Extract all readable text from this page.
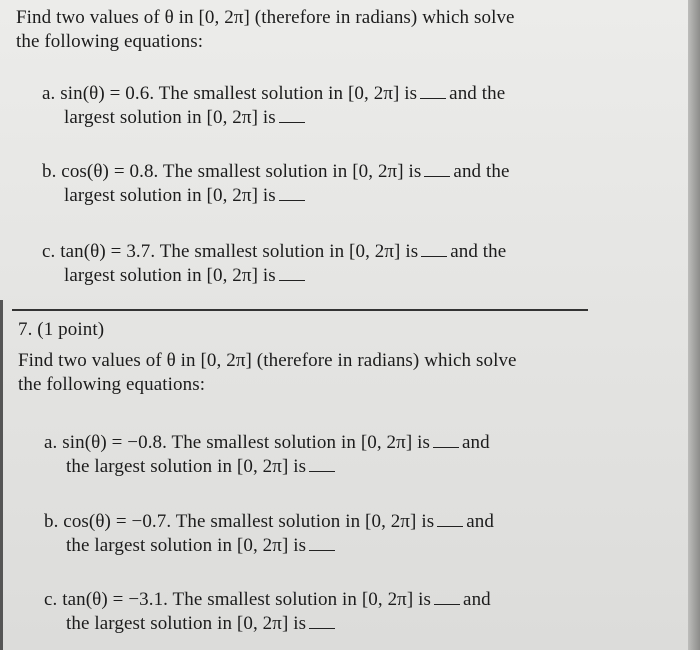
Find two values of θ in [0, 2π] (therefore in radians) which solve
the following equations:
a. sin(θ) = 0.6. The smallest solution in [0, 2π] is and the
largest solution in [0, 2π] is
b. cos(θ) = 0.8. The smallest solution in [0, 2π] is and the
largest solution in [0, 2π] is
c. tan(θ) = 3.7. The smallest solution in [0, 2π] is and the
largest solution in [0, 2π] is
7. (1 point)
Find two values of θ in [0, 2π] (therefore in radians) which solve
the following equations:
a. sin(θ) = −0.8. The smallest solution in [0, 2π] is and
the largest solution in [0, 2π] is
b. cos(θ) = −0.7. The smallest solution in [0, 2π] is and
the largest solution in [0, 2π] is
c. tan(θ) = −3.1. The smallest solution in [0, 2π] is and
the largest solution in [0, 2π] is
